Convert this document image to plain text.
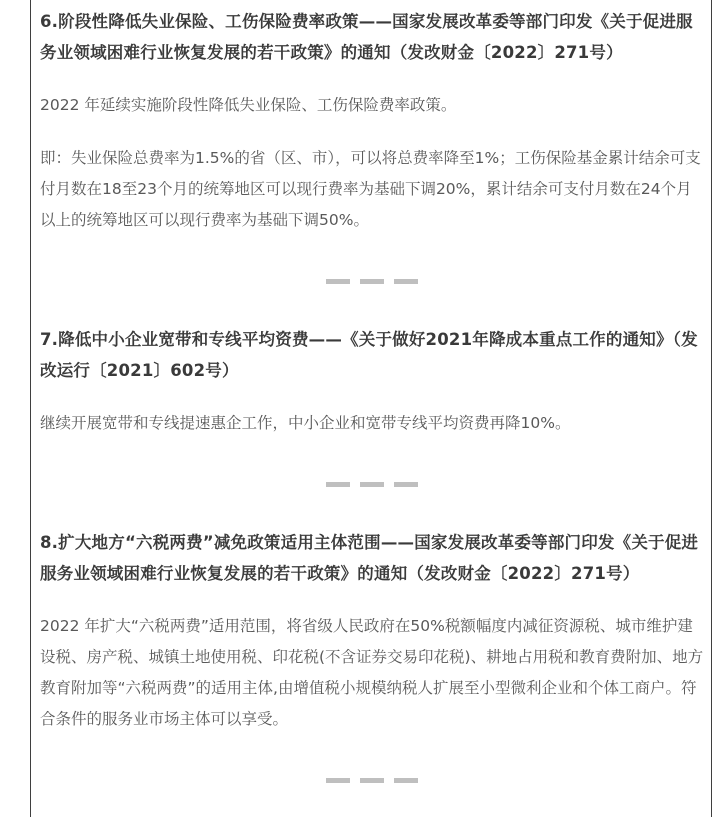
6.阶段性降低失业保险、工伤保险费率政策——国家发展改革委等部门印发《关于促进服务业领域困难行业恢复发展的若干政策》的通知（发改财金〔2022〕271号）

2022 年延续实施阶段性降低失业保险、工伤保险费率政策。

即：失业保险总费率为1.5%的省（区、市），可以将总费率降至1%；工伤保险基金累计结余可支付月数在18至23个月的统筹地区可以现行费率为基础下调20%，累计结余可支付月数在24个月以上的统筹地区可以现行费率为基础下调50%。

7.降低中小企业宽带和专线平均资费——《关于做好2021年降成本重点工作的通知》（发改运行〔2021〕602号）

继续开展宽带和专线提速惠企工作，中小企业和宽带专线平均资费再降10%。

8.扩大地方“六税两费”减免政策适用主体范围——国家发展改革委等部门印发《关于促进服务业领域困难行业恢复发展的若干政策》的通知（发改财金〔2022〕271号）

2022 年扩大“六税两费”适用范围，将省级人民政府在50%税额幅度内减征资源税、城市维护建设税、房产税、城镇土地使用税、印花税(不含证券交易印花税)、耕地占用税和教育费附加、地方教育附加等“六税两费”的适用主体,由增值税小规模纳税人扩展至小型微利企业和个体工商户。符合条件的服务业市场主体可以享受。
